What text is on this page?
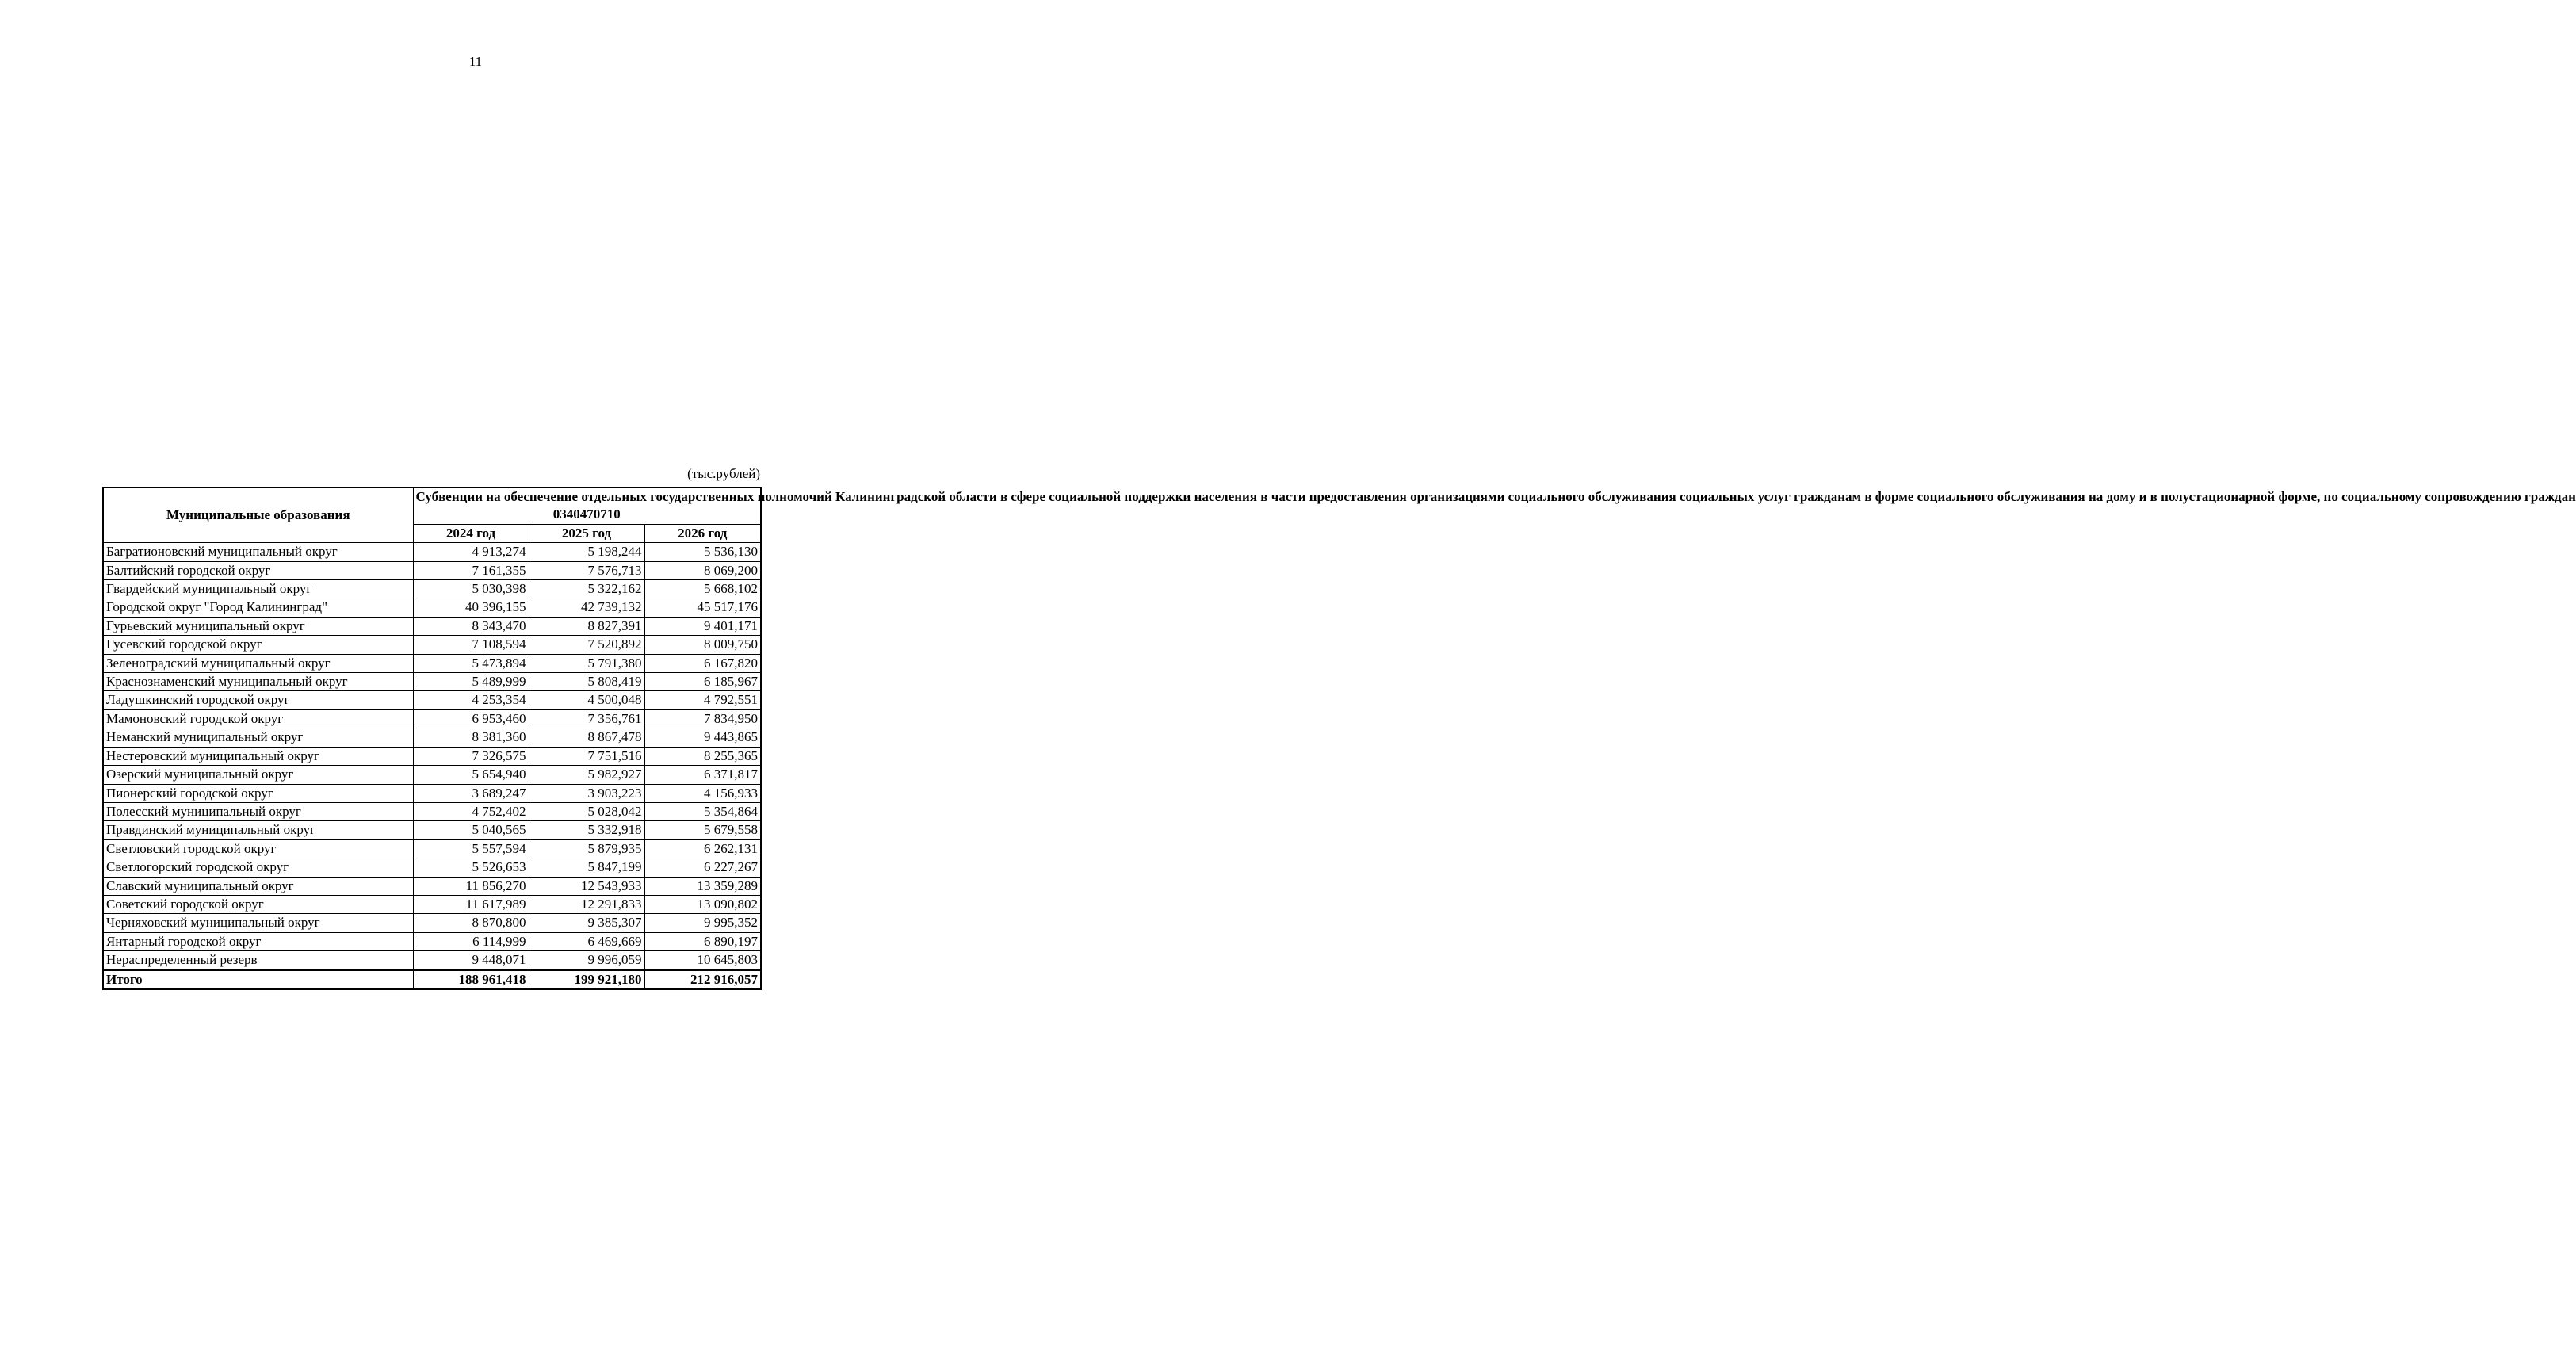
11
(тыс.рублей)
Муниципальные образования	Субвенции на обеспечение отдельных государственных полномочий Калининградской области в сфере социальной поддержки населения в части предоставления организациями социального обслуживания социальных услуг гражданам в форме социального обслуживания на дому и в полустационарной форме, по социальному сопровождению граждан
0340470710		

	2024 год	2025 год	2026 год
Багратионовский муниципальный округ	4 913,274	5 198,244	5 536,130
Балтийский городской округ	7 161,355	7 576,713	8 069,200
Гвардейский муниципальный округ	5 030,398	5 322,162	5 668,102
Городской округ "Город Калининград"	40 396,155	42 739,132	45 517,176
Гурьевский муниципальный округ	8 343,470	8 827,391	9 401,171
Гусевский городской округ	7 108,594	7 520,892	8 009,750
Зеленоградский муниципальный округ	5 473,894	5 791,380	6 167,820
Краснознаменский муниципальный округ	5 489,999	5 808,419	6 185,967
Ладушкинский городской округ	4 253,354	4 500,048	4 792,551
Мамоновский городской округ	6 953,460	7 356,761	7 834,950
Неманский муниципальный округ	8 381,360	8 867,478	9 443,865
Нестеровский муниципальный округ	7 326,575	7 751,516	8 255,365
Озерский муниципальный округ	5 654,940	5 982,927	6 371,817
Пионерский городской округ	3 689,247	3 903,223	4 156,933
Полесский муниципальный округ	4 752,402	5 028,042	5 354,864
Правдинский муниципальный округ	5 040,565	5 332,918	5 679,558
Светловский городской округ	5 557,594	5 879,935	6 262,131
Светлогорский городской округ	5 526,653	5 847,199	6 227,267
Славский муниципальный округ	11 856,270	12 543,933	13 359,289
Советский городской округ	11 617,989	12 291,833	13 090,802
Черняховский муниципальный округ	8 870,800	9 385,307	9 995,352
Янтарный городской округ	6 114,999	6 469,669	6 890,197
Нераспределенный резерв	9 448,071	9 996,059	10 645,803
Итого	188 961,418	199 921,180	212 916,057
